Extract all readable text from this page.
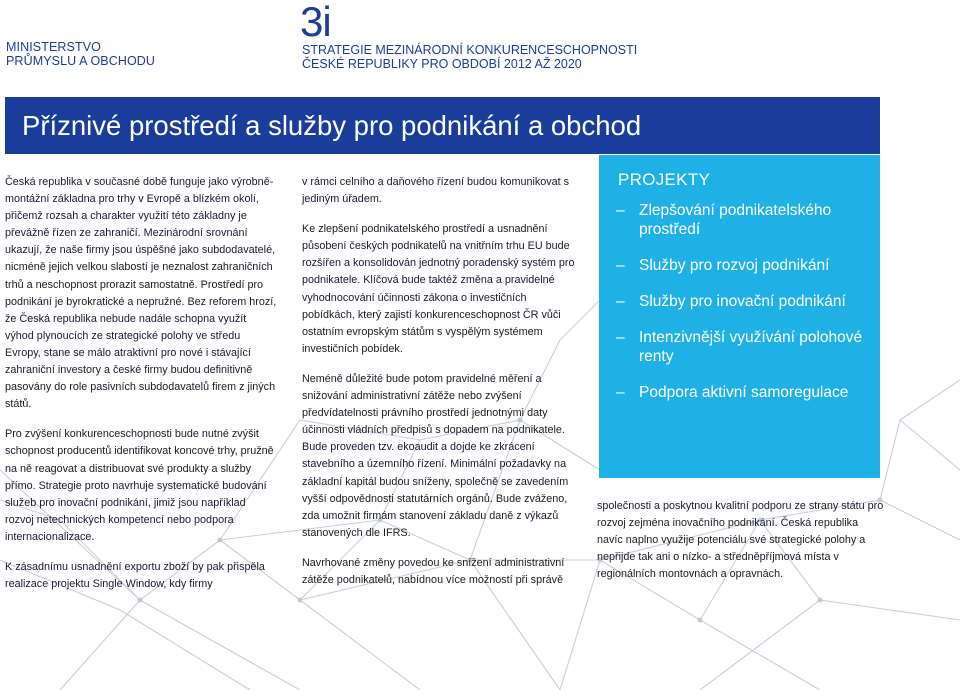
MINISTERSTVO
PRŮMYSLU A OBCHODU
3i
STRATEGIE MEZINÁRODNÍ KONKURENCESCHOPNOSTI
ČESKÉ REPUBLIKY PRO OBDOBÍ 2012 AŽ 2020
Příznivé prostředí a služby pro podnikání a obchod

Česká republika v současné době funguje jako výrobně-montážní základna pro trhy v Evropě a blízkém okolí, přičemž rozsah a charakter využití této základny je převážně řízen ze zahraničí. Mezinárodní srovnání ukazují, že naše firmy jsou úspěšné jako subdodavatelé, nicméně jejich velkou slabostí je neznalost zahraničních trhů a neschopnost prorazit samostatně. Prostředí pro podnikání je byrokratické a nepružné. Bez reforem hrozí, že Česká republika nebude nadále schopna využít výhod plynoucích ze strategické polohy ve středu Evropy, stane se málo atraktivní pro nové i stávající zahraniční investory a české firmy budou definitivně pasovány do role pasivních subdodavatelů firem z jiných států.

Pro zvýšení konkurenceschopnosti bude nutné zvýšit schopnost producentů identifikovat koncové trhy, pružně na ně reagovat a distribuovat své produkty a služby přímo. Strategie proto navrhuje systematické budování služeb pro inovační podnikání, jimiž jsou například rozvoj netechnických kompetencí nebo podpora internacionalizace.

K zásadnímu usnadnění exportu zboží by pak přispěla realizace projektu Single Window, kdy firmy

v rámci celního a daňového řízení budou komunikovat s jediným úřadem.

Ke zlepšení podnikatelského prostředí a usnadnění působení českých podnikatelů na vnitřním trhu EU bude rozšířen a konsolidován jednotný poradenský systém pro podnikatele. Klíčová bude taktéž změna a pravidelné vyhodnocování účinnosti zákona o investičních pobídkách, který zajistí konkurenceschopnost ČR vůči ostatním evropským státům s vyspělým systémem investičních pobídek.

Neméně důležité bude potom pravidelné měření a snižování administrativní zátěže nebo zvýšení předvídatelnosti právního prostředí jednotnými daty účinnosti vládních předpisů s dopadem na podnikatele. Bude proveden tzv. ekoaudit a dojde ke zkrácení stavebního a územního řízení. Minimální požadavky na základní kapitál budou sníženy, společně se zavedením vyšší odpovědnosti statutárních orgánů. Bude zváženo, zda umožnit firmám stanovení základu daně z výkazů stanovených dle IFRS.

Navrhované změny povedou ke snížení administrativní zátěže podnikatelů, nabídnou více možností při správě

PROJEKTY
– Zlepšování podnikatelského prostředí
– Služby pro rozvoj podnikání
– Služby pro inovační podnikání
– Intenzivnější využívání polohové renty
– Podpora aktivní samoregulace

společnosti a poskytnou kvalitní podporu ze strany státu pro rozvoj zejména inovačního podnikání. Česká republika navíc naplno využije potenciálu své strategické polohy a nepřijde tak ani o nízko- a středněpříjmová místa v regionálních montovnách a opravnách.
